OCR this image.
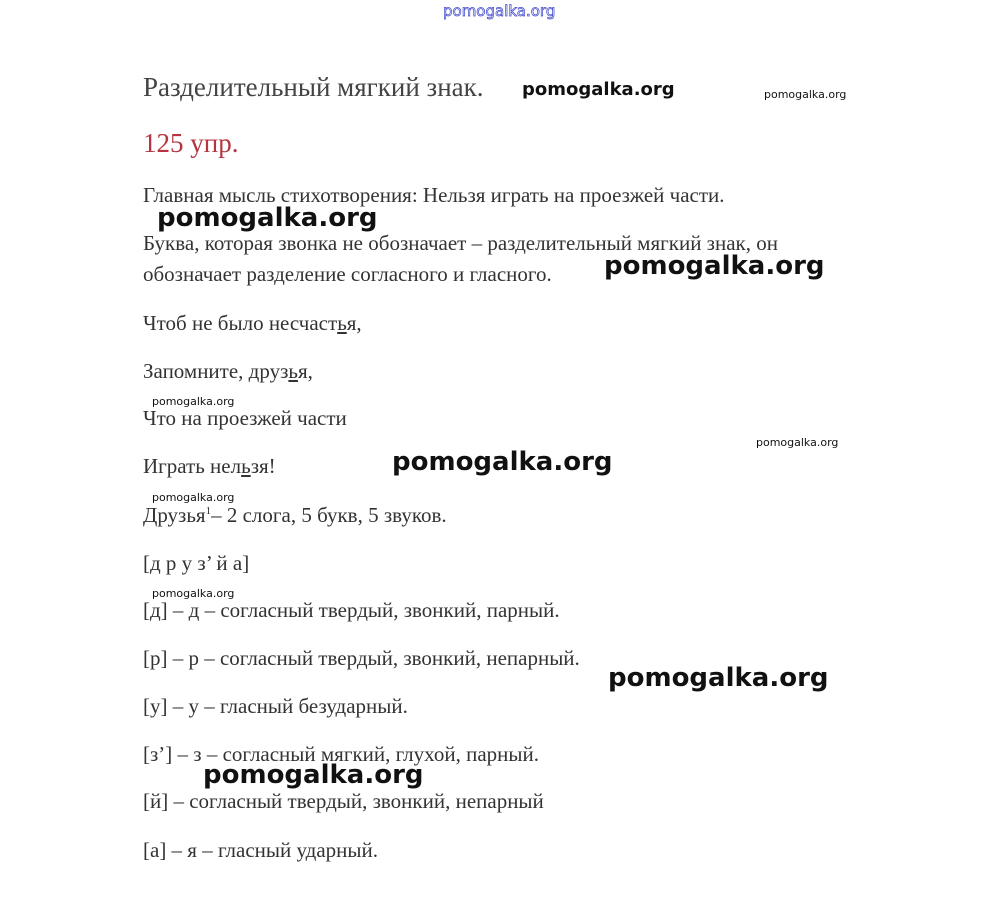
pomogalka.org
Разделительный мягкий знак.
125 упр.
Главная мысль стихотворения: Нельзя играть на проезжей части.
Буква, которая звонка не обозначает – разделительный мягкий знак, он
обозначает разделение согласного и гласного.
Чтоб не было несчастья,
Запомните, друзья,
Что на проезжей части
Играть нельзя!
Друзья$^1$– 2 слога, 5 букв, 5 звуков.
[д р у з’ й а]
[д] – д – согласный твердый, звонкий, парный.
[р] – р – согласный твердый, звонкий, непарный.
[у] – у – гласный безударный.
[з’] – з – согласный мягкий, глухой, парный.
[й] – согласный твердый, звонкий, непарный
[а] – я – гласный ударный.
pomogalka.org	pomogalka.org
pomogalka.org
pomogalka.org
pomogalka.org
pomogalka.org
pomogalka.org
pomogalka.org
pomogalka.org
pomogalka.org
pomogalka.org
